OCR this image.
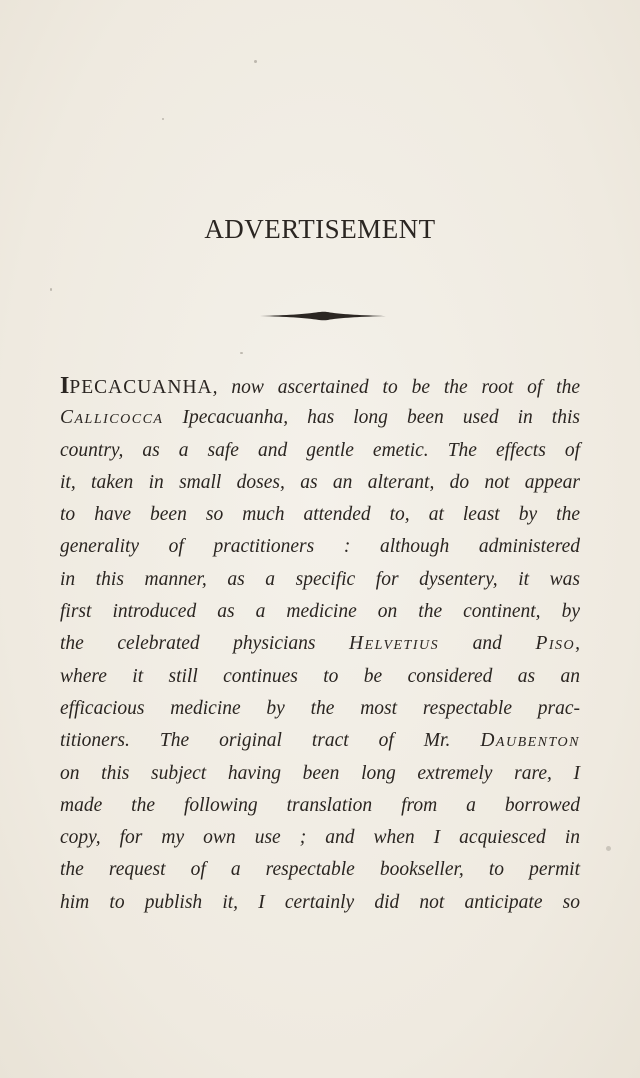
ADVERTISEMENT
IPECACUANHA, now ascertained to be the root of the
Callicocca Ipecacuanha, has long been used in this
country, as a safe and gentle emetic. The effects of
it, taken in small doses, as an alterant, do not appear
to have been so much attended to, at least by the
generality of practitioners : although administered
in this manner, as a specific for dysentery, it was
first introduced as a medicine on the continent, by
the celebrated physicians Helvetius and Piso,
where it still continues to be considered as an
efficacious medicine by the most respectable prac-
titioners. The original tract of Mr. Daubenton
on this subject having been long extremely rare, I
made the following translation from a borrowed
copy, for my own use ; and when I acquiesced in
the request of a respectable bookseller, to permit
him to publish it, I certainly did not anticipate so
